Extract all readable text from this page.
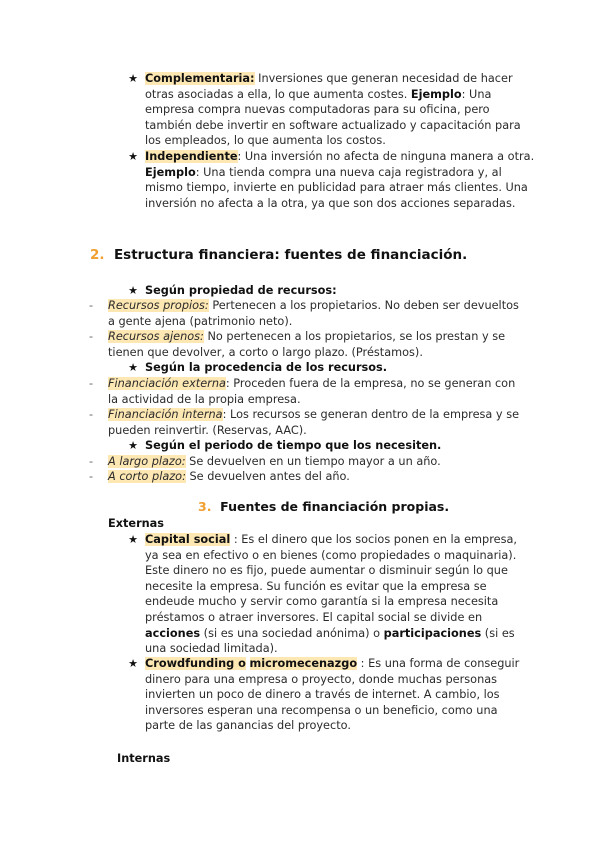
★ Complementaria: Inversiones que generan necesidad de hacer otras asociadas a ella, lo que aumenta costes. Ejemplo: Una empresa compra nuevas computadoras para su oficina, pero también debe invertir en software actualizado y capacitación para los empleados, lo que aumenta los costos.
★ Independiente: Una inversión no afecta de ninguna manera a otra. Ejemplo: Una tienda compra una nueva caja registradora y, al mismo tiempo, invierte en publicidad para atraer más clientes. Una inversión no afecta a la otra, ya que son dos acciones separadas.
2. Estructura financiera: fuentes de financiación.
★ Según propiedad de recursos:
- Recursos propios: Pertenecen a los propietarios. No deben ser devueltos a gente ajena (patrimonio neto).
- Recursos ajenos: No pertenecen a los propietarios, se los prestan y se tienen que devolver, a corto o largo plazo. (Préstamos).
★ Según la procedencia de los recursos.
- Financiación externa: Proceden fuera de la empresa, no se generan con la actividad de la propia empresa.
- Financiación interna: Los recursos se generan dentro de la empresa y se pueden reinvertir. (Reservas, AAC).
★ Según el periodo de tiempo que los necesiten.
- A largo plazo: Se devuelven en un tiempo mayor a un año.
- A corto plazo: Se devuelven antes del año.
3. Fuentes de financiación propias.
Externas
★ Capital social : Es el dinero que los socios ponen en la empresa, ya sea en efectivo o en bienes (como propiedades o maquinaria). Este dinero no es fijo, puede aumentar o disminuir según lo que necesite la empresa. Su función es evitar que la empresa se endeude mucho y servir como garantía si la empresa necesita préstamos o atraer inversores. El capital social se divide en acciones (si es una sociedad anónima) o participaciones (si es una sociedad limitada).
★ Crowdfunding o micromecenazgo : Es una forma de conseguir dinero para una empresa o proyecto, donde muchas personas invierten un poco de dinero a través de internet. A cambio, los inversores esperan una recompensa o un beneficio, como una parte de las ganancias del proyecto.
Internas
